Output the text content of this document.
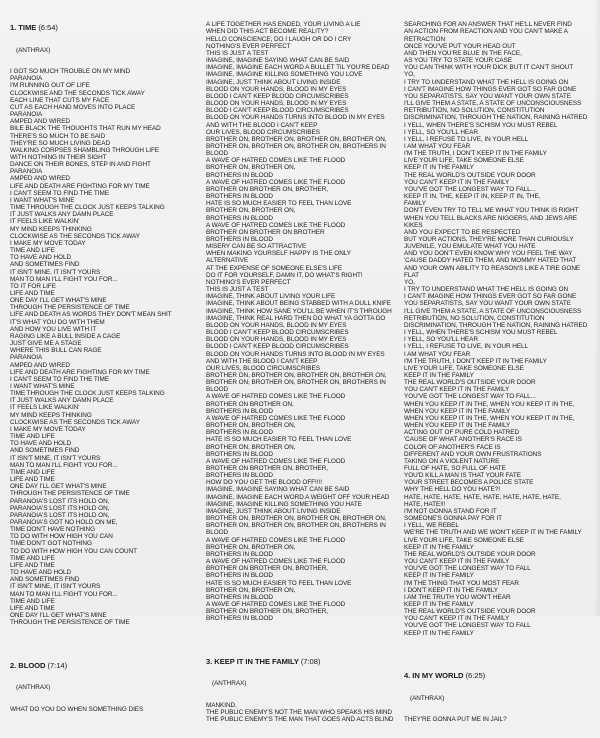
1. TIME (6:54)

(ANTHRAX)

I GOT SO MUCH TROUBLE ON MY MIND
PARANOIA
I'M RUNNING OUT OF LIFE
CLOCKWISE AND THE SECONDS TICK AWAY
EACH LINE THAT CUTS MY FACE
CUT AS EACH HAND MOVES INTO PLACE
PARANOIA
AMPED AND WIRED
BILE BLACK THE THOUGHTS THAT RUN MY HEAD
THERE'S SO MUCH TO BE SAID
THEY'RE SO MUCH LIVING DEAD
WALKING CORPSES SHAMBLING THROUGH LIFE
WITH NOTHING IN THEIR SIGHT
DANCE ON THEIR BONES, STEP IN AND FIGHT
PARANOIA
AMPED AND WIRED
LIFE AND DEATH ARE FIGHTING FOR MY TIME
I CAN'T SEEM TO FIND THE TIME
I WANT WHAT'S MINE
TIME THROUGH THE CLOCK JUST KEEPS TALKING
IT JUST WALKS ANY DAMN PLACE
IT FEELS LIKE WALKIN'
MY MIND KEEPS THINKING
CLOCKWISE AS THE SECONDS TICK AWAY
I MAKE MY MOVE TODAY
TIME AND LIFE
TO HAVE AND HOLD
AND SOMETIMES FIND
IT ISN'T MINE, IT ISN'T YOURS
MAN TO MAN I'LL FIGHT YOU FOR...
TO IT FOR LIFE
LIFE AND TIME
ONE DAY I'LL GET WHAT'S MINE
THROUGH THE PERSISTENCE OF TIME
LIFE AND DEATH AS WORDS THEY DON'T MEAN SHIT
IT'S WHAT YOU DO WITH THEM
AND HOW YOU LIVE WITH IT
RAGING LIKE A BULL INSIDE A CAGE
JUST GIVE ME A STAGE
WHERE THIS BULL CAN RAGE
PARANOIA
AMPED AND WIRED
LIFE AND DEATH ARE FIGHTING FOR MY TIME
I CAN'T SEEM TO FIND THE TIME
I WANT WHAT'S MINE
TIME THROUGH THE CLOCK JUST KEEPS TALKING
IT JUST WALKS ANY DAMN PLACE
IT FEELS LIKE WALKIN'
MY MIND KEEPS THINKING
CLOCKWISE AS THE SECONDS TICK AWAY
I MAKE MY MOVE TODAY
TIME AND LIFE
TO HAVE AND HOLD
AND SOMETIMES FIND
IT ISN'T MINE, IT ISN'T YOURS
MAN TO MAN I'LL FIGHT YOU FOR...
TIME AND LIFE
LIFE AND TIME
ONE DAY I'LL GET WHAT'S MINE
THROUGH THE PERSISTENCE OF TIME
PARANOIA'S LOST ITS HOLD ON,
PARANOIA'S LOST ITS HOLD ON,
PARANOIA'S LOST ITS HOLD ON,
PARANOIA'S GOT NO HOLD ON ME,
TIME DON'T HAVE NOTHING
TO DO WITH HOW HIGH YOU CAN
TIME DON'T GOT NOTHING
TO DO WITH HOW HIGH YOU CAN COUNT
TIME AND LIFE
LIFE AND TIME
TO HAVE AND HOLD
AND SOMETIMES FIND
IT ISN'T MINE, IT ISN'T YOURS
MAN TO MAN I'LL FIGHT YOU FOR...
TIME AND LIFE
LIFE AND TIME
ONE DAY I'LL GET WHAT'S MINE
THROUGH THE PERSISTENCE OF TIME

2. BLOOD (7:14)

(ANTHRAX)

WHAT DO YOU DO WHEN SOMETHING DIES

A LIFE TOGETHER HAS ENDED, YOUR LIVING A LIE
WHEN DID THIS ACT BECOME REALITY?
HELLO CONSCIENCE, DO I LAUGH OR DO I CRY
NOTHING'S EVER PERFECT
THIS IS JUST A TEST
IMAGINE, IMAGINE SAYING WHAT CAN BE SAID
IMAGINE, IMAGINE EACH WORD A BULLET TIL YOU'RE DEAD
IMAGINE, IMAGINE KILLING SOMETHING YOU LOVE
IMAGINE, JUST THINK ABOUT LIVING INSIDE
BLOOD ON YOUR HANDS, BLOOD IN MY EYES
BLOOD I CAN'T KEEP BLOOD CIRCUMSCRIBES
BLOOD ON YOUR HANDS, BLOOD IN MY EYES
BLOOD I CAN'T KEEP BLOOD CIRCUMSCRIBES
BLOOD ON YOUR HANDS TURNS INTO BLOOD IN MY EYES
AND WITH THE BLOOD I CAN'T KEEP
OUR LIVES, BLOOD CIRCUMSCRIBES
BROTHER ON, BROTHER ON, BROTHER ON, BROTHER ON,
BROTHER ON, BROTHER ON, BROTHER ON, BROTHERS IN BLOOD
A WAVE OF HATRED COMES LIKE THE FLOOD
BROTHER ON, BROTHER ON,
BROTHERS IN BLOOD
A WAVE OF HATRED COMES LIKE THE FLOOD
BROTHER ON BROTHER ON, BROTHER,
BROTHERS IN BLOOD
HATE IS SO MUCH EASIER TO FEEL THAN LOVE
BROTHER ON, BROTHER ON,
BROTHERS IN BLOOD
A WAVE OF HATRED COMES LIKE THE FLOOD
BROTHER ON BROTHER ON BROTHER
BROTHERS IN BLOOD
MISERY CAN BE SO ATTRACTIVE
WHEN MAKING YOURSELF HAPPY IS THE ONLY ALTERNATIVE
AT THE EXPENSE OF SOMEONE ELSE'S LIFE
DO IT FOR YOURSELF, DAMN IT, DO WHAT'S RIGHT!
NOTHING'S EVER PERFECT
THIS IS JUST A TEST
IMAGINE, THINK ABOUT LIVING YOUR LIFE
IMAGINE, THINK ABOUT BEING STABBED WITH A DULL KNIFE
IMAGINE, THINK HOW SANE YOU'LL BE WHEN IT'S THROUGH
IMAGINE, THINK REAL HARD THEN DO WHAT YA GOTTA DO
BLOOD ON YOUR HANDS, BLOOD IN MY EYES
BLOOD I CAN'T KEEP BLOOD CIRCUMSCRIBES
BLOOD ON YOUR HANDS, BLOOD IN MY EYES
BLOOD I CAN'T KEEP BLOOD CIRCUMSCRIBES
BLOOD ON YOUR HANDS TURNS INTO BLOOD IN MY EYES
AND WITH THE BLOOD I CAN'T KEEP
OUR LIVES, BLOOD CIRCUMSCRIBES
BROTHER ON, BROTHER ON, BROTHER ON, BROTHER ON,
BROTHER ON, BROTHER ON, BROTHER ON, BROTHERS IN BLOOD
A WAVE OF HATRED COMES LIKE THE FLOOD
BROTHER ON BROTHER ON,
BROTHERS IN BLOOD
A WAVE OF HATRED COMES LIKE THE FLOOD
BROTHER ON, BROTHER ON,
BROTHERS IN BLOOD
HATE IS SO MUCH EASIER TO FEEL THAN LOVE
BROTHER ON, BROTHER ON,
BROTHERS IN BLOOD
A WAVE OF HATRED COMES LIKE THE FLOOD
BROTHER ON BROTHER ON, BROTHER,
BROTHERS IN BLOOD
HOW DO YOU GET THE BLOOD OFF!!!!
IMAGINE, IMAGINE SAYING WHAT CAN BE SAID
IMAGINE, IMAGINE EACH WORD A WEIGHT OFF YOUR HEAD
IMAGINE, IMAGINE KILLING SOMETHING YOU HATE
IMAGINE, JUST THINK ABOUT LIVING INSIDE
BROTHER ON, BROTHER ON, BROTHER ON, BROTHER ON,
BROTHER ON, BROTHER ON, BROTHER ON, BROTHERS IN BLOOD
A WAVE OF HATRED COMES LIKE THE FLOOD
BROTHER ON, BROTHER ON,
BROTHERS IN BLOOD
A WAVE OF HATRED COMES LIKE THE FLOOD
BROTHER ON BROTHER ON, BROTHER,
BROTHERS IN BLOOD
HATE IS SO MUCH EASIER TO FEEL THAN LOVE
BROTHER ON, BROTHER ON,
BROTHERS IN BLOOD
A WAVE OF HATRED COMES LIKE THE FLOOD
BROTHER ON BROTHER ON, BROTHER,
BROTHERS IN BLOOD

3. KEEP IT IN THE FAMILY (7:08)

(ANTHRAX)

MANKIND,
THE PUBLIC ENEMY'S NOT THE MAN WHO SPEAKS HIS MIND
THE PUBLIC ENEMY'S THE MAN THAT GOES AND ACTS BLIND

SEARCHING FOR AN ANSWER THAT HE'LL NEVER FIND
AN ACTION FROM REACTION AND YOU CAN'T MAKE A RETRACTION
ONCE YOU'VE PUT YOUR HEAD OUT
AND THEN YOU'RE BLUE IN THE FACE,
AS YOU TRY TO STATE YOUR CASE
YOU CAN THINK WITH YOUR DICK BUT IT CAN'T SHOUT
YO,
I TRY TO UNDERSTAND WHAT THE HELL IS GOING ON
I CAN'T IMAGINE HOW THINGS EVER GOT SO FAR GONE
YOU SEPARATISTS, SAY YOU WANT YOUR OWN STATE
I'LL GIVE THEM A STATE, A STATE OF UNCONSCIOUSNESS
RETRIBUTION, NO SOLUTION, CONSTITUTION
DISCRIMINATION, THROUGH THE NATION, RAINING HATRED
I YELL, WHEN THERE'S SCHISM YOU MUST REBEL
I YELL, SO YOU'LL HEAR
I YELL, I REFUSE TO LIVE, IN YOUR HELL
I AM WHAT YOU FEAR
I'M THE TRUTH, I DON'T KEEP IT IN THE FAMILY
LIVE YOUR LIFE, TAKE SOMEONE ELSE
KEEP IT IN THE FAMILY
THE REAL WORLD'S OUTSIDE YOUR DOOR
YOU CAN'T KEEP IT IN THE FAMILY
YOU'VE GOT THE LONGEST WAY TO FALL...
KEEP IT IN, THE, KEEP IT IN, KEEP IT IN, THE,
FAMILY
DON'T EVEN TRY TO TELL ME WHAT YOU THINK IS RIGHT
WHEN YOU TELL BLACKS ARE NIGGERS, AND JEWS ARE KIKES
AND YOU EXPECT TO BE RESPECTED
BUT YOUR ACTIONS, THEY'RE MORE THAN CURIOUSLY
JUVENILE, YOU EMULATE WHAT YOU HATE
AND YOU DON'T EVEN KNOW WHY YOU FEEL THE WAY
'CAUSE DADDY HATED THEM, AND MOMMY HATED THAT
AND YOUR OWN ABILITY TO REASON'S LIKE A TIRE GONE FLAT
YO,
I TRY TO UNDERSTAND WHAT THE HELL IS GOING ON
I CAN'T IMAGINE HOW THINGS EVER GOT SO FAR GONE
YOU SEPARATISTS, SAY YOU WANT YOUR OWN STATE
I'LL GIVE THEM A STATE, A STATE OF UNCONSCIOUSNESS
RETRIBUTION, NO SOLUTION, CONSTITUTION
DISCRIMINATION, THROUGH THE NATION, RAINING HATRED
I YELL, WHEN THERE'S SCHISM YOU MUST REBEL
I YELL, SO YOU'LL HEAR
I YELL, I REFUSE TO LIVE, IN YOUR HELL
I AM WHAT YOU FEAR
I'M THE TRUTH, I DON'T KEEP IT IN THE FAMILY
LIVE YOUR LIFE, TAKE SOMEONE ELSE
KEEP IT IN THE FAMILY
THE REAL WORLD'S OUTSIDE YOUR DOOR
YOU CAN'T KEEP IT IN THE FAMILY
YOU'VE GOT THE LONGEST WAY TO FALL...
WHEN YOU KEEP IT IN THE, WHEN YOU KEEP IT IN THE,
WHEN YOU KEEP IT IN THE FAMILY
WHEN YOU KEEP IT IN THE, WHEN YOU KEEP IT IN THE,
WHEN YOU KEEP IT IN THE FAMILY
ACTING OUT OF PURE COLD HATRED
'CAUSE OF WHAT ANOTHER'S RACE IS
COLOR OF ANOTHER'S FACE IS
DIFFERENT AND YOUR OWN FRUSTRATIONS
TAKING ON A VIOLENT NATURE
FULL OF HATE, SO FULL OF HATE
YOU'D KILL A MAN IS THAT YOUR FATE
YOUR STREET BECOMES A POLICE STATE
WHY THE HELL DO YOU HATE?!
HATE, HATE, HATE, HATE, HATE, HATE, HATE, HATE,
HATE, HATE!!!
I'M NOT GONNA STAND FOR IT
SOMEONE'S GONNA PAY FOR IT
I YELL, WE REBEL
WE'RE THE TRUTH AND WE WON'T KEEP IT IN THE FAMILY
LIVE YOUR LIFE, TAKE SOMEONE ELSE
KEEP IT IN THE FAMILY
THE REAL WORLD'S OUTSIDE YOUR DOOR
YOU CAN'T KEEP IT IN THE FAMILY
YOU'VE GOT THE LONGEST WAY TO FALL
KEEP IT IN THE FAMILY
I'M THE THING THAT YOU MOST FEAR
I DON'T KEEP IT IN THE FAMILY
I AM THE TRUTH YOU WON'T HEAR
KEEP IT IN THE FAMILY
THE REAL WORLD'S OUTSIDE YOUR DOOR
YOU CAN'T KEEP IT IN THE FAMILY
YOU'VE GOT THE LONGEST WAY TO FALL
KEEP IT IN THE FAMILY

4. IN MY WORLD (6:25)

(ANTHRAX)

THEY'RE GONNA PUT ME IN JAIL?
